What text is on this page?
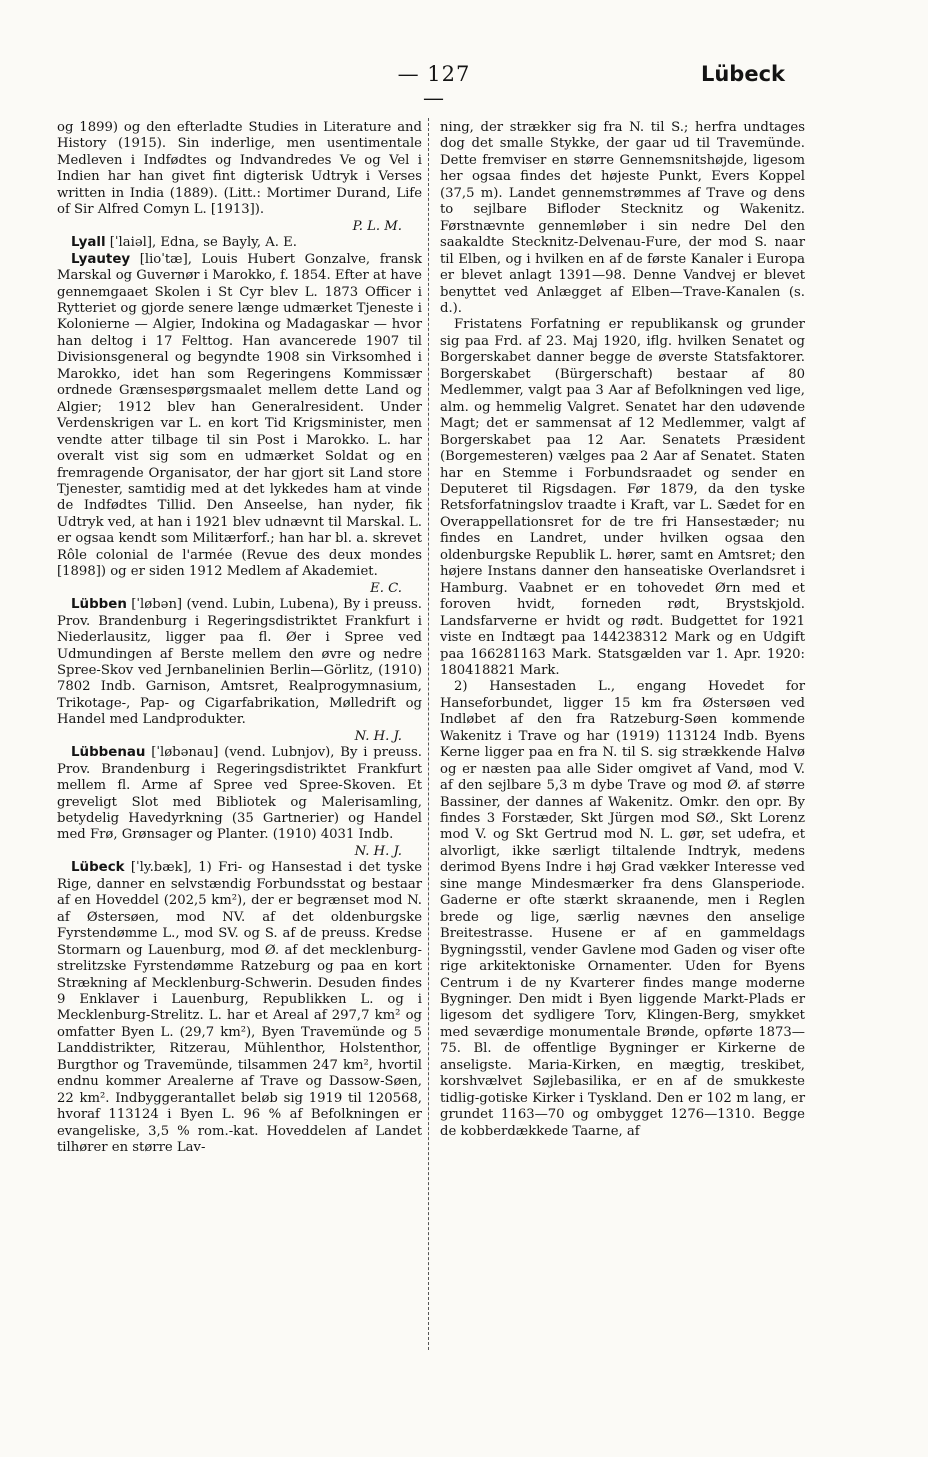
— 127 —
Lübeck

og 1899) og den efterladte Studies in Literature and History (1915). Sin inderlige, men usentimentale Medleven i Indfødtes og Indvandredes Ve og Vel i Indien har han givet fint digterisk Udtryk i Verses written in India (1889). (Litt.: Mortimer Durand, Life of Sir Alfred Comyn L. [1913]).

P. L. M.

Lyall [ˈlaiəl], Edna, se Bayly, A. E.

Lyautey [lioˈtæ], Louis Hubert Gonzalve, fransk Marskal og Guvernør i Marokko, f. 1854. Efter at have gennemgaaet Skolen i St Cyr blev L. 1873 Officer i Rytteriet og gjorde senere længe udmærket Tjeneste i Kolonierne — Algier, Indokina og Madagaskar — hvor han deltog i 17 Felttog. Han avancerede 1907 til Divisionsgeneral og begyndte 1908 sin Virksomhed i Marokko, idet han som Regeringens Kommissær ordnede Grænsespørgsmaalet mellem dette Land og Algier; 1912 blev han Generalresident. Under Verdenskrigen var L. en kort Tid Krigsminister, men vendte atter tilbage til sin Post i Marokko. L. har overalt vist sig som en udmærket Soldat og en fremragende Organisator, der har gjort sit Land store Tjenester, samtidig med at det lykkedes ham at vinde de Indfødtes Tillid. Den Anseelse, han nyder, fik Udtryk ved, at han i 1921 blev udnævnt til Marskal. L. er ogsaa kendt som Militærforf.; han har bl. a. skrevet Rôle colonial de l'armée (Revue des deux mondes [1898]) og er siden 1912 Medlem af Akademiet.

E. C.

Lübben [ˈløbən] (vend. Lubin, Lubena), By i preuss. Prov. Brandenburg i Regeringsdistriktet Frankfurt i Niederlausitz, ligger paa fl. Øer i Spree ved Udmundingen af Berste mellem den øvre og nedre Spree-Skov ved Jernbanelinien Berlin—Görlitz, (1910) 7802 Indb. Garnison, Amtsret, Realprogymnasium, Trikotage-, Pap- og Cigarfabrikation, Mølledrift og Handel med Landprodukter.

N. H. J.

Lübbenau [ˈløbənau] (vend. Lubnjov), By i preuss. Prov. Brandenburg i Regeringsdistriktet Frankfurt mellem fl. Arme af Spree ved Spree-Skoven. Et greveligt Slot med Bibliotek og Malerisamling, betydelig Havedyrkning (35 Gartnerier) og Handel med Frø, Grønsager og Planter. (1910) 4031 Indb.

N. H. J.

Lübeck [ˈly.bæk], 1) Fri- og Hansestad i det tyske Rige, danner en selvstændig Forbundsstat og bestaar af en Hoveddel (202,5 km²), der er begrænset mod N. af Østersøen, mod NV. af det oldenburgske Fyrstendømme L., mod SV. og S. af de preuss. Kredse Stormarn og Lauenburg, mod Ø. af det mecklenburg-strelitzske Fyrstendømme Ratzeburg og paa en kort Strækning af Mecklenburg-Schwerin. Desuden findes 9 Enklaver i Lauenburg, Republikken L. og i Mecklenburg-Strelitz. L. har et Areal af 297,7 km² og omfatter Byen L. (29,7 km²), Byen Travemünde og 5 Landdistrikter, Ritzerau, Mühlenthor, Holstenthor, Burgthor og Travemünde, tilsammen 247 km², hvortil endnu kommer Arealerne af Trave og Dassow-Søen, 22 km². Indbyggerantallet beløb sig 1919 til 120568, hvoraf 113124 i Byen L. 96 % af Befolkningen er evangeliske, 3,5 % rom.-kat. Hoveddelen af Landet tilhører en større Lav-

ning, der strækker sig fra N. til S.; herfra undtages dog det smalle Stykke, der gaar ud til Travemünde. Dette fremviser en større Gennemsnitshøjde, ligesom her ogsaa findes det højeste Punkt, Evers Koppel (37,5 m). Landet gennemstrømmes af Trave og dens to sejlbare Bifloder Stecknitz og Wakenitz. Førstnævnte gennemløber i sin nedre Del den saakaldte Stecknitz-Delvenau-Fure, der mod S. naar til Elben, og i hvilken en af de første Kanaler i Europa er blevet anlagt 1391—98. Denne Vandvej er blevet benyttet ved Anlægget af Elben—Trave-Kanalen (s. d.).

Fristatens Forfatning er republikansk og grunder sig paa Frd. af 23. Maj 1920, iflg. hvilken Senatet og Borgerskabet danner begge de øverste Statsfaktorer. Borgerskabet (Bürgerschaft) bestaar af 80 Medlemmer, valgt paa 3 Aar af Befolkningen ved lige, alm. og hemmelig Valgret. Senatet har den udøvende Magt; det er sammensat af 12 Medlemmer, valgt af Borgerskabet paa 12 Aar. Senatets Præsident (Borgemesteren) vælges paa 2 Aar af Senatet. Staten har en Stemme i Forbundsraadet og sender en Deputeret til Rigsdagen. Før 1879, da den tyske Retsforfatningslov traadte i Kraft, var L. Sædet for en Overappellationsret for de tre fri Hansestæder; nu findes en Landret, under hvilken ogsaa den oldenburgske Republik L. hører, samt en Amtsret; den højere Instans danner den hanseatiske Overlandsret i Hamburg. Vaabnet er en tohovedet Ørn med et foroven hvidt, forneden rødt, Brystskjold. Landsfarverne er hvidt og rødt. Budgettet for 1921 viste en Indtægt paa 144238312 Mark og en Udgift paa 166281163 Mark. Statsgælden var 1. Apr. 1920: 180418821 Mark.

2) Hansestaden L., engang Hovedet for Hanseforbundet, ligger 15 km fra Østersøen ved Indløbet af den fra Ratzeburg-Søen kommende Wakenitz i Trave og har (1919) 113124 Indb. Byens Kerne ligger paa en fra N. til S. sig strækkende Halvø og er næsten paa alle Sider omgivet af Vand, mod V. af den sejlbare 5,3 m dybe Trave og mod Ø. af større Bassiner, der dannes af Wakenitz. Omkr. den opr. By findes 3 Forstæder, Skt Jürgen mod SØ., Skt Lorenz mod V. og Skt Gertrud mod N. L. gør, set udefra, et alvorligt, ikke særligt tiltalende Indtryk, medens derimod Byens Indre i høj Grad vækker Interesse ved sine mange Mindesmærker fra dens Glansperiode. Gaderne er ofte stærkt skraanende, men i Reglen brede og lige, særlig nævnes den anselige Breitestrasse. Husene er af en gammeldags Bygningsstil, vender Gavlene mod Gaden og viser ofte rige arkitektoniske Ornamenter. Uden for Byens Centrum i de ny Kvarterer findes mange moderne Bygninger. Den midt i Byen liggende Markt-Plads er ligesom det sydligere Torv, Klingen-Berg, smykket med seværdige monumentale Brønde, opførte 1873—75. Bl. de offentlige Bygninger er Kirkerne de anseligste. Maria-Kirken, en mægtig, treskibet, korshvælvet Søjlebasilika, er en af de smukkeste tidlig-gotiske Kirker i Tyskland. Den er 102 m lang, er grundet 1163—70 og ombygget 1276—1310. Begge de kobberdækkede Taarne, af
